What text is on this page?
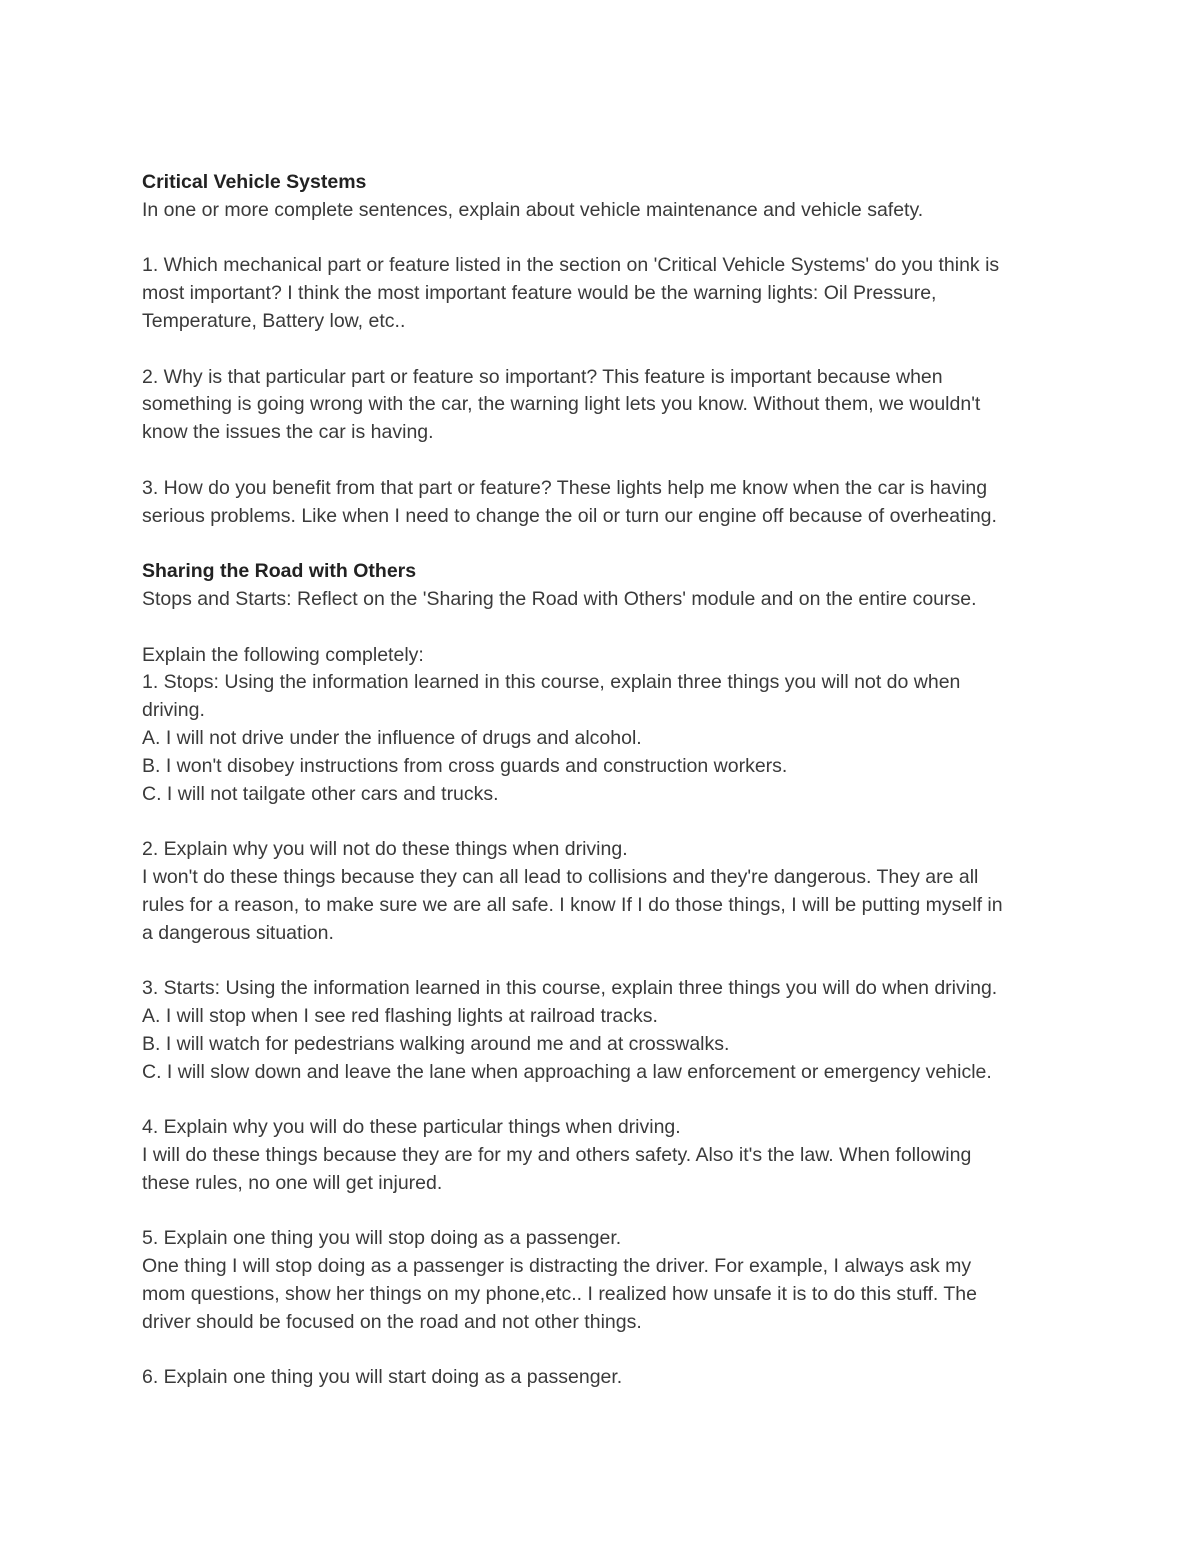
Critical Vehicle Systems
In one or more complete sentences, explain about vehicle maintenance and vehicle safety.
1. Which mechanical part or feature listed in the section on 'Critical Vehicle Systems' do you think is
most important? I think the most important feature would be the warning lights: Oil Pressure,
Temperature, Battery low, etc..
2. Why is that particular part or feature so important? This feature is important because when
something is going wrong with the car, the warning light lets you know. Without them, we wouldn't
know the issues the car is having.
3. How do you benefit from that part or feature? These lights help me know when the car is having
serious problems. Like when I need to change the oil or turn our engine off because of overheating.
Sharing the Road with Others
Stops and Starts: Reflect on the 'Sharing the Road with Others' module and on the entire course.
Explain the following completely:
1. Stops: Using the information learned in this course, explain three things you will not do when
driving.
A. I will not drive under the influence of drugs and alcohol.
B. I won't disobey instructions from cross guards and construction workers.
C. I will not tailgate other cars and trucks.
2. Explain why you will not do these things when driving.
I won't do these things because they can all lead to collisions and they're dangerous. They are all
rules for a reason, to make sure we are all safe. I know If I do those things, I will be putting myself in
a dangerous situation.
3. Starts: Using the information learned in this course, explain three things you will do when driving.
A. I will stop when I see red flashing lights at railroad tracks.
B. I will watch for pedestrians walking around me and at crosswalks.
C. I will slow down and leave the lane when approaching a law enforcement or emergency vehicle.
4. Explain why you will do these particular things when driving.
I will do these things because they are for my and others safety. Also it's the law. When following
these rules, no one will get injured.
5. Explain one thing you will stop doing as a passenger.
One thing I will stop doing as a passenger is distracting the driver. For example, I always ask my
mom questions, show her things on my phone,etc.. I realized how unsafe it is to do this stuff. The
driver should be focused on the road and not other things.
6. Explain one thing you will start doing as a passenger.
